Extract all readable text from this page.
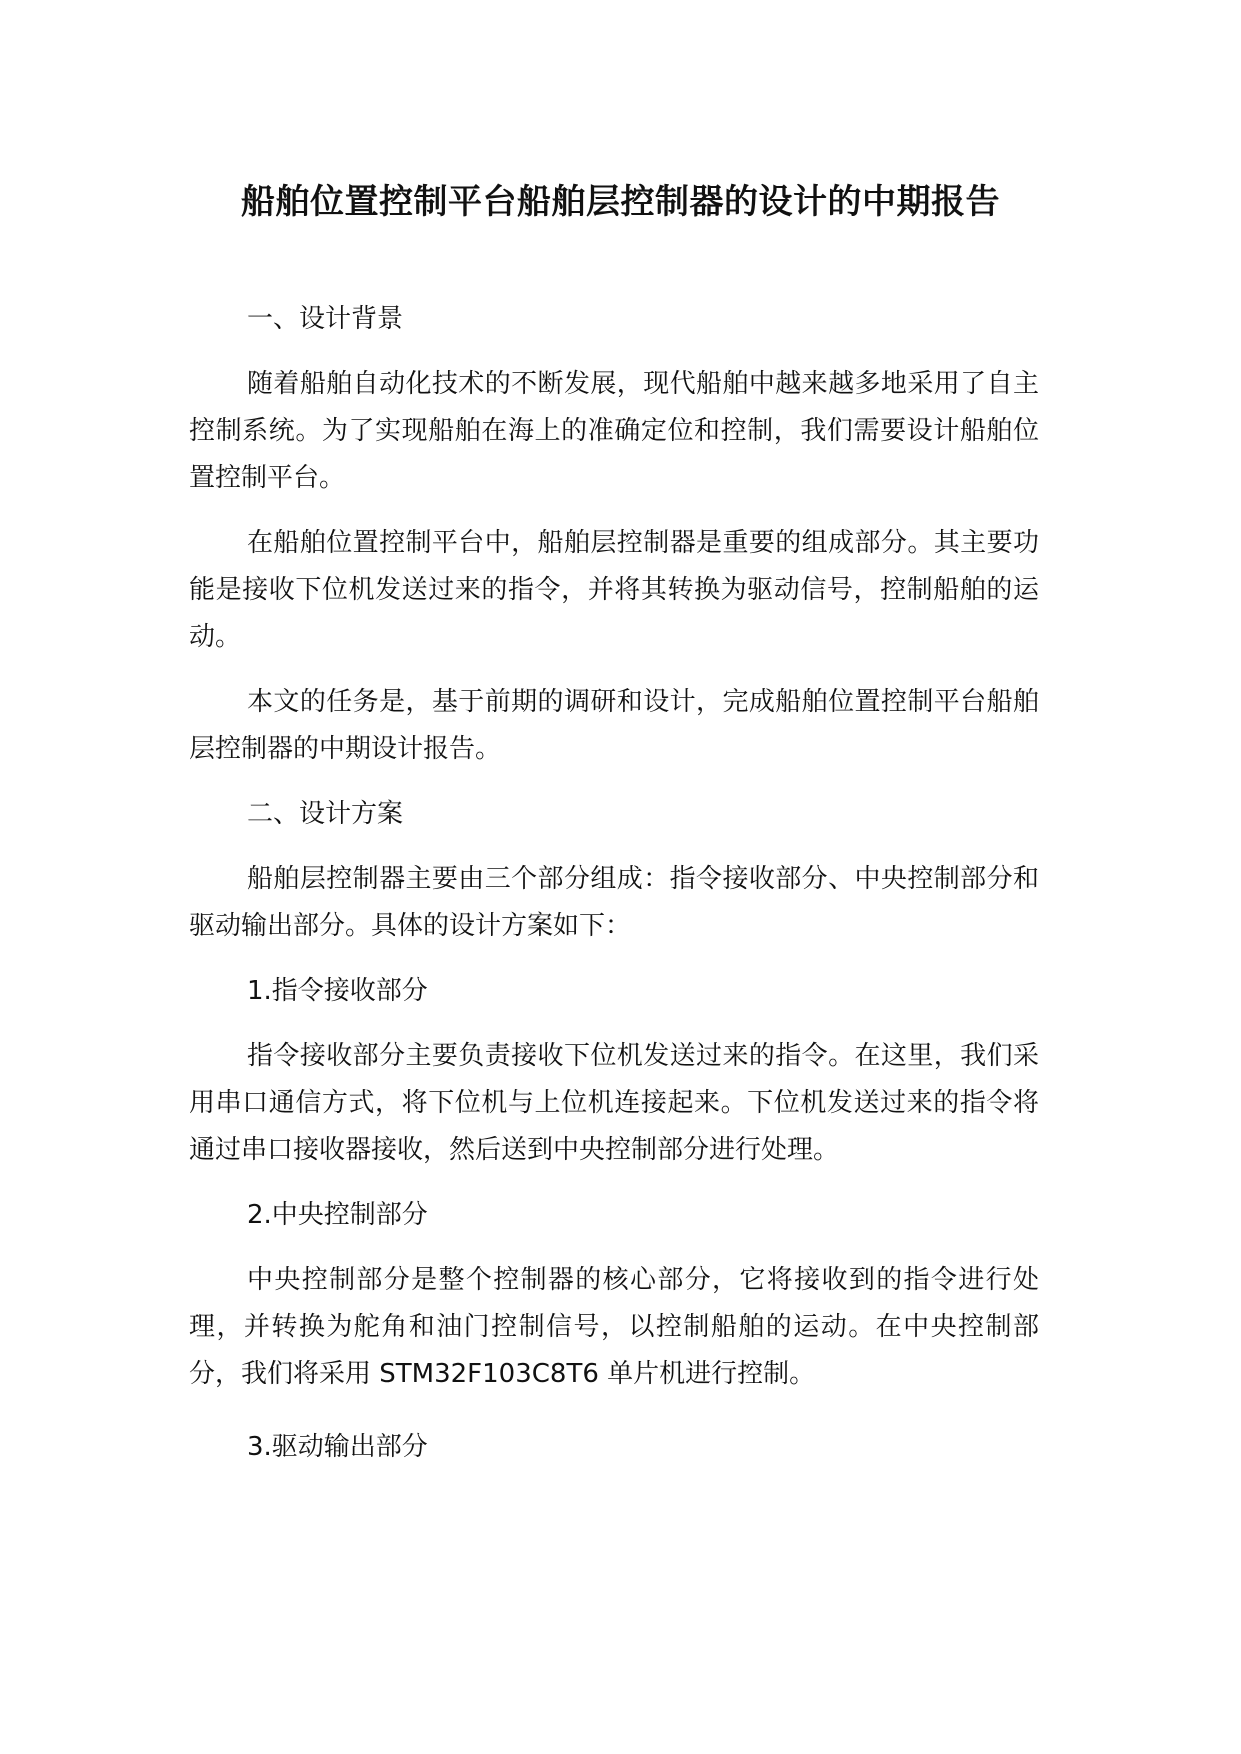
船舶位置控制平台船舶层控制器的设计的中期报告

一、设计背景

随着船舶自动化技术的不断发展，现代船舶中越来越多地采用了自主控制系统。为了实现船舶在海上的准确定位和控制，我们需要设计船舶位置控制平台。

在船舶位置控制平台中，船舶层控制器是重要的组成部分。其主要功能是接收下位机发送过来的指令，并将其转换为驱动信号，控制船舶的运动。

本文的任务是，基于前期的调研和设计，完成船舶位置控制平台船舶层控制器的中期设计报告。

二、设计方案

船舶层控制器主要由三个部分组成：指令接收部分、中央控制部分和驱动输出部分。具体的设计方案如下：

1.指令接收部分

指令接收部分主要负责接收下位机发送过来的指令。在这里，我们采用串口通信方式，将下位机与上位机连接起来。下位机发送过来的指令将通过串口接收器接收，然后送到中央控制部分进行处理。

2.中央控制部分

中央控制部分是整个控制器的核心部分，它将接收到的指令进行处理，并转换为舵角和油门控制信号，以控制船舶的运动。在中央控制部分，我们将采用 STM32F103C8T6 单片机进行控制。

3.驱动输出部分
